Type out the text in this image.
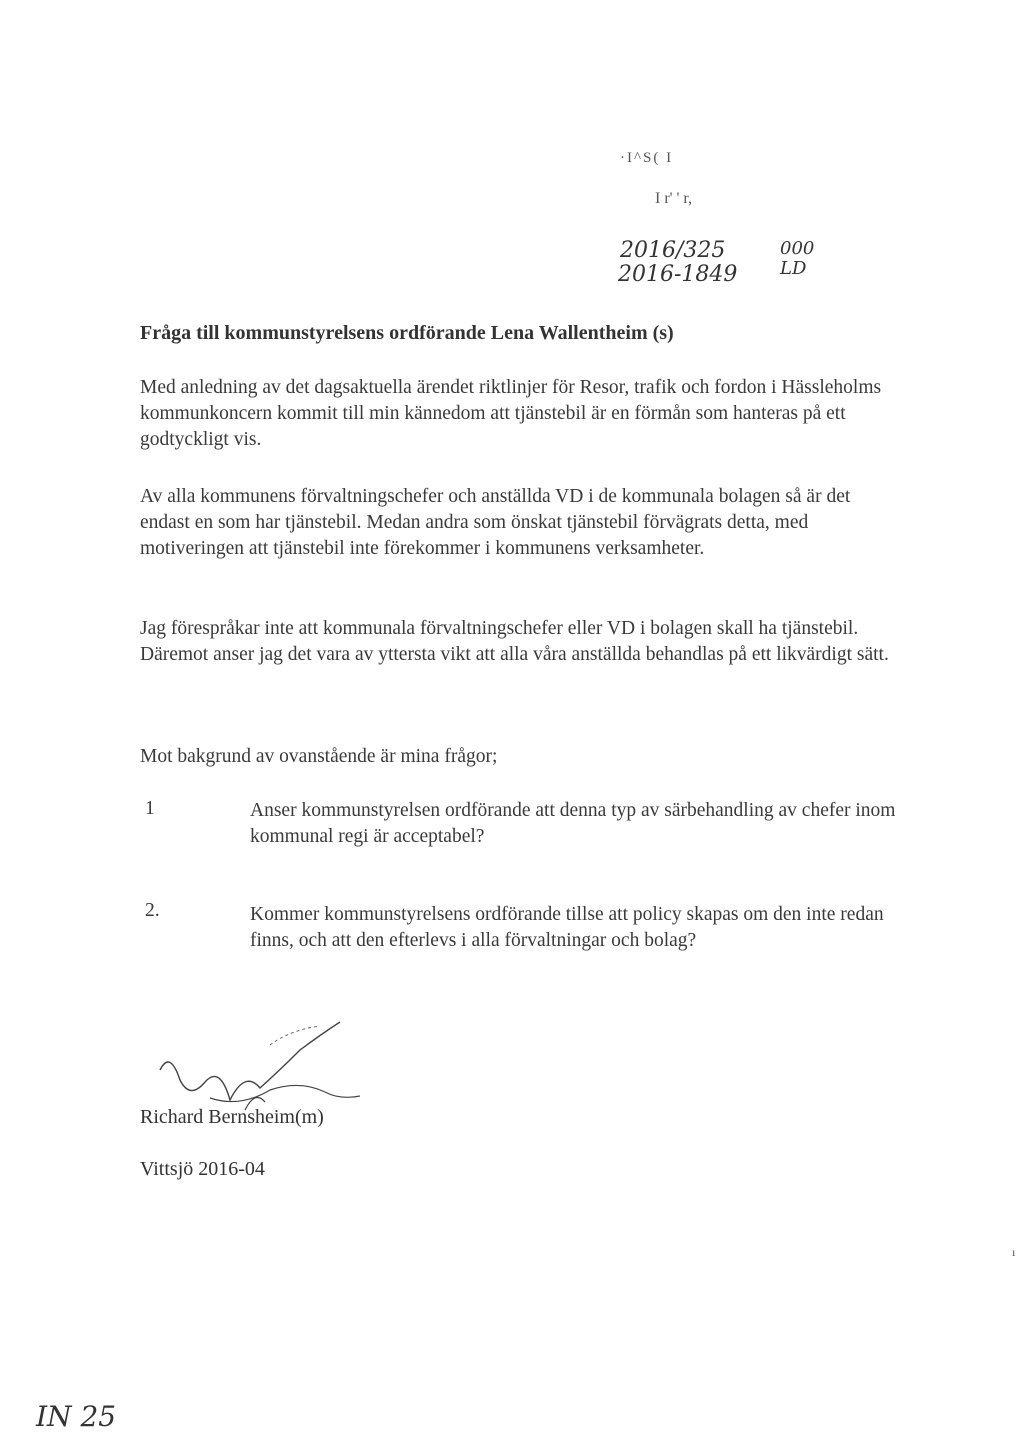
·I^S( I
I r' ' r,
2016/325
2016-1849
000
LD
Fråga till kommunstyrelsens ordförande Lena Wallentheim (s)
Med anledning av det dagsaktuella ärendet riktlinjer för Resor, trafik och fordon i Hässleholms kommunkoncern kommit till min kännedom att tjänstebil är en förmån som hanteras på ett godtyckligt vis.
Av alla kommunens förvaltningschefer och anställda VD i de kommunala bolagen så är det endast en som har tjänstebil. Medan andra som önskat tjänstebil förvägrats detta, med motiveringen att tjänstebil inte förekommer i kommunens verksamheter.
Jag förespråkar inte att kommunala förvaltningschefer eller VD i bolagen skall ha tjänstebil. Däremot anser jag det vara av yttersta vikt att alla våra anställda behandlas på ett likvärdigt sätt.
Mot bakgrund av ovanstående är mina frågor;
1	Anser kommunstyrelsen ordförande att denna typ av särbehandling av chefer inom kommunal regi är acceptabel?
2.	Kommer kommunstyrelsens ordförande tillse att policy skapas om den inte redan finns, och att den efterlevs i alla förvaltningar och bolag?
Richard Bernsheim(m)
Vittsjö 2016-04
ı
IN 25
